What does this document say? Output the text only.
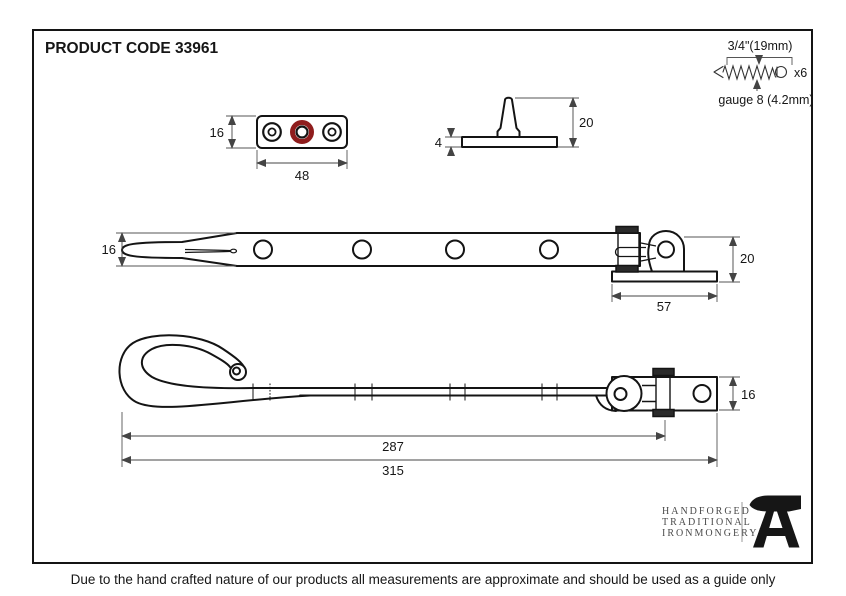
PRODUCT CODE 33961	3/4"(19mm)
x6
gauge 8 (4.2mm)
16
48
4
20
16
20
57
16
287
315
HANDFORGED
TRADITIONAL
IRONMONGERY
Due to the hand crafted nature of our products all measurements are approximate and should be used as a guide only
